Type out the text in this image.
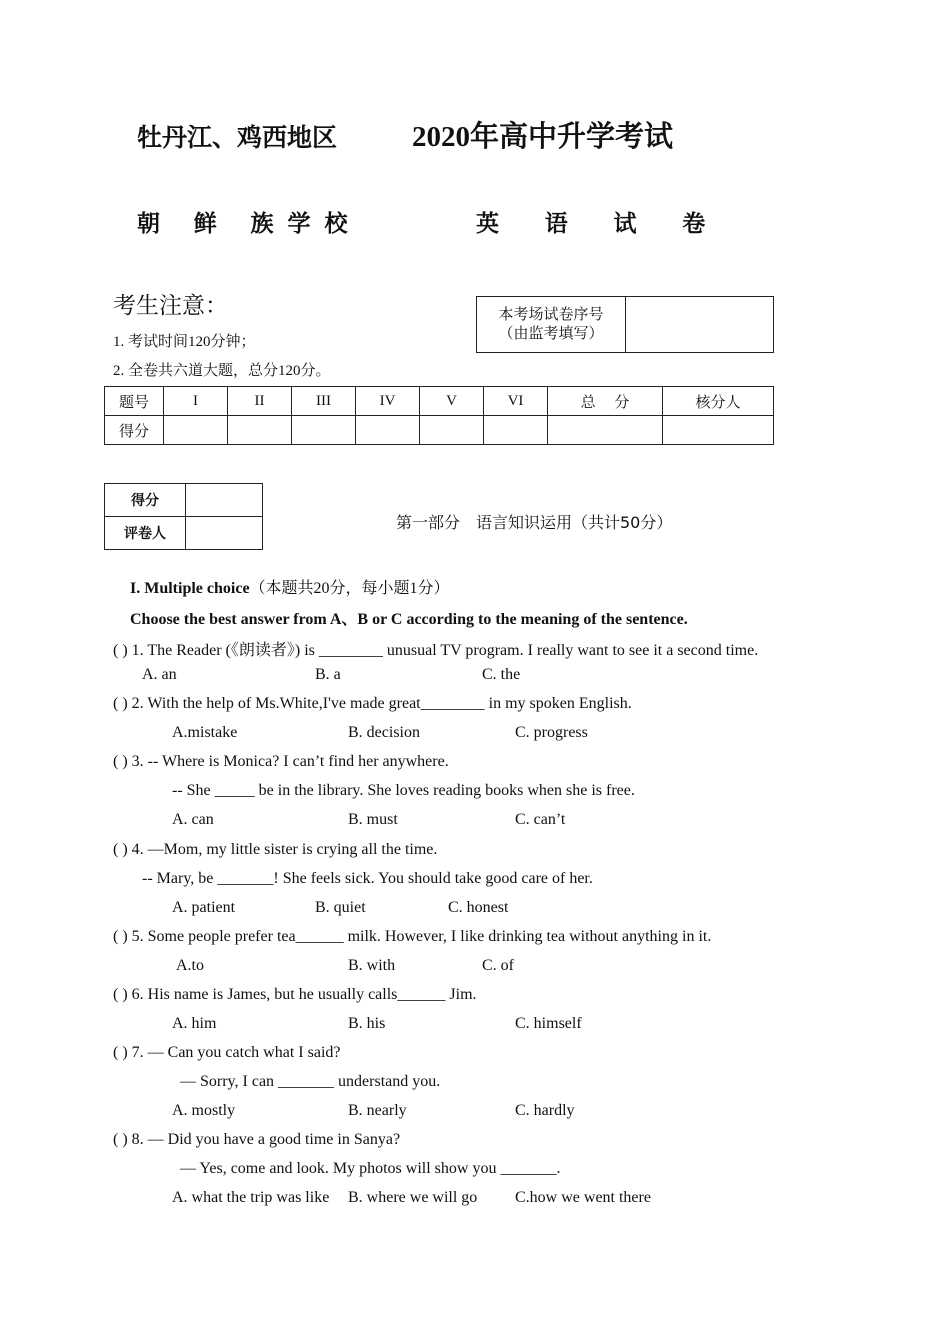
牡丹江、鸡西地区	2020年高中升学考试
朝 鲜 族学校	英 语 试 卷
考生注意：
1. 考试时间120分钟；
2. 全卷共六道大题，总分120分。
本考场试卷序号
（由监考填写）

题号	I	II	III	IV	V	VI	总　 分	核分人
得分								
得分	
评卷人	
第一部分　语言知识运用（共计50分）
I. Multiple choice（本题共20分，每小题1分）
Choose the best answer from A、B or C according to the meaning of the sentence.
( ) 1. The Reader (《朗读者》) is ________ unusual TV program. I really want to see it a second time.
A. an	B. a	C. the
( ) 2. With the help of Ms.White,I've made great________ in my spoken English.
A.mistake	B. decision	C. progress
( ) 3. -- Where is Monica? I can’t find her anywhere.
-- She _____ be in the library. She loves reading books when she is free.
A. can	B. must	C. can’t
( ) 4. —Mom, my little sister is crying all the time.
-- Mary, be _______! She feels sick. You should take good care of her.
A. patient	B. quiet	C. honest
( ) 5. Some people prefer tea______ milk. However, I like drinking tea without anything in it.
A.to	B. with	C. of
( ) 6. His name is James, but he usually calls______ Jim.
A. him	B. his	C. himself
( ) 7. — Can you catch what I said?
— Sorry, I can _______ understand you.
A. mostly	B. nearly	C. hardly
( ) 8. — Did you have a good time in Sanya?
— Yes, come and look. My photos will show you _______.
A. what the trip was like B. where we will go C.how we went there
